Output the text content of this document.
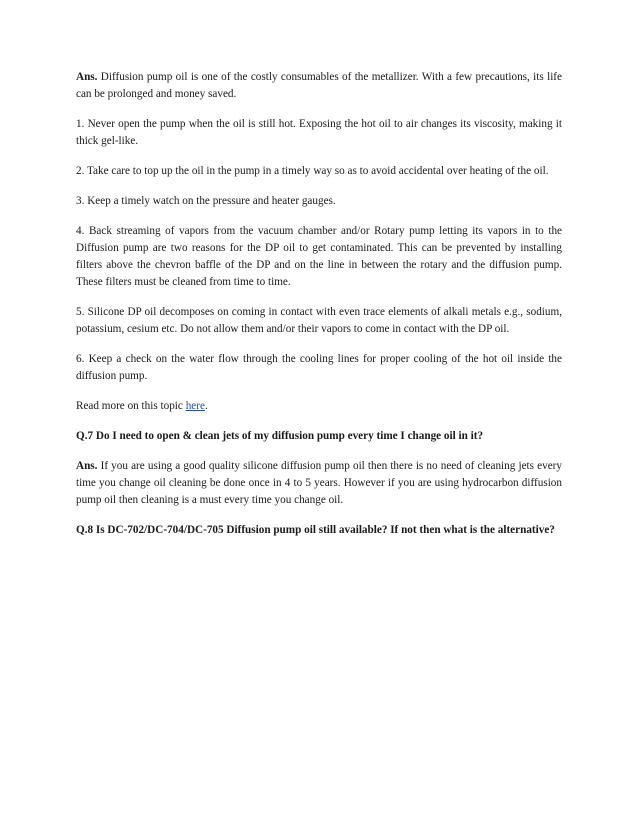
Ans. Diffusion pump oil is one of the costly consumables of the metallizer. With a few precautions, its life can be prolonged and money saved.

1. Never open the pump when the oil is still hot. Exposing the hot oil to air changes its viscosity, making it thick gel-like.

2. Take care to top up the oil in the pump in a timely way so as to avoid accidental over heating of the oil.

3. Keep a timely watch on the pressure and heater gauges.

4. Back streaming of vapors from the vacuum chamber and/or Rotary pump letting its vapors in to the Diffusion pump are two reasons for the DP oil to get contaminated. This can be prevented by installing filters above the chevron baffle of the DP and on the line in between the rotary and the diffusion pump. These filters must be cleaned from time to time.

5. Silicone DP oil decomposes on coming in contact with even trace elements of alkali metals e.g., sodium, potassium, cesium etc. Do not allow them and/or their vapors to come in contact with the DP oil.

6. Keep a check on the water flow through the cooling lines for proper cooling of the hot oil inside the diffusion pump.

Read more on this topic here.

Q.7 Do I need to open & clean jets of my diffusion pump every time I change oil in it?

Ans. If you are using a good quality silicone diffusion pump oil then there is no need of cleaning jets every time you change oil cleaning be done once in 4 to 5 years. However if you are using hydrocarbon diffusion pump oil then cleaning is a must every time you change oil.

Q.8 Is DC-702/DC-704/DC-705 Diffusion pump oil still available? If not then what is the alternative?
